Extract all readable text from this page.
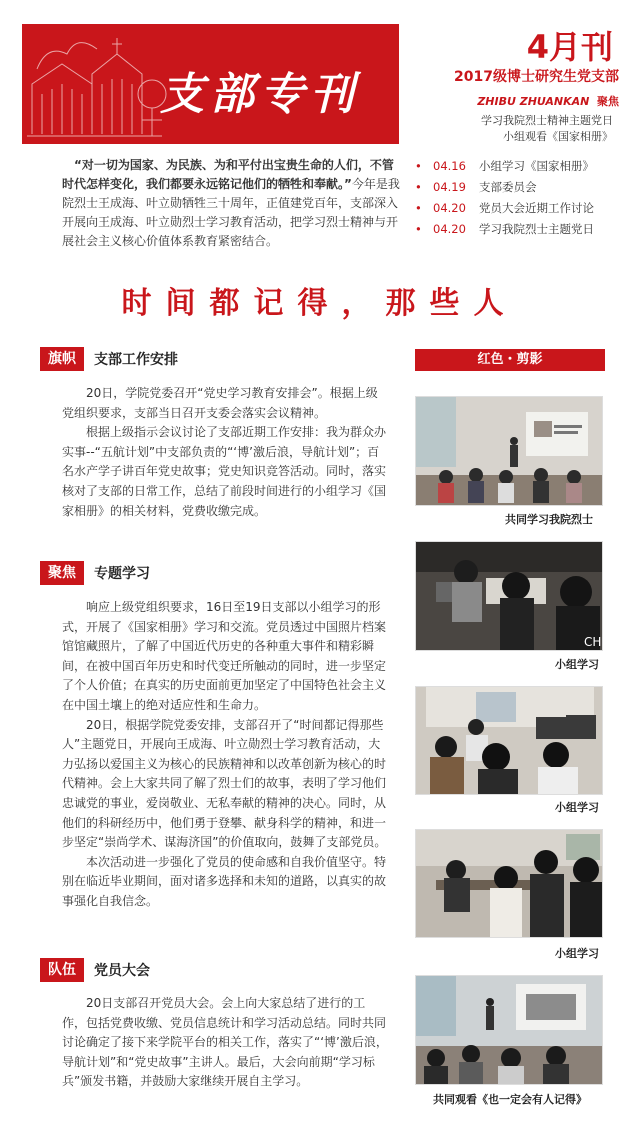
支部专刊
4月刊
2017级博士研究生党支部
ZHIBU ZHUANKAN 聚焦
学习我院烈士精神主题党日
小组观看《国家相册》
“对一切为国家、为民族、为和平付出宝贵生命的人们，不管时代怎样变化，我们都要永远铭记他们的牺牲和奉献。”今年是我院烈士王成海、叶立勋牺牲三十周年，正值建党百年，支部深入开展向王成海、叶立勋烈士学习教育活动，把学习烈士精神与开展社会主义核心价值体系教育紧密结合。
• 04.16	小组学习《国家相册》
• 04.19	支部委员会
• 04.20	党员大会近期工作讨论
• 04.20	学习我院烈士主题党日
时间都记得，那些人
旗帜	支部工作安排

20日，学院党委召开“党史学习教育安排会”。根据上级党组织要求，支部当日召开支委会落实会议精神。

根据上级指示会议讨论了支部近期工作安排：我为群众办实事--“五航计划”中支部负责的“‘博’激后浪，导航计划”；百名水产学子讲百年党史故事；党史知识竞答活动。同时，落实核对了支部的日常工作，总结了前段时间进行的小组学习《国家相册》的相关材料，党费收缴完成。

聚焦	专题学习

响应上级党组织要求，16日至19日支部以小组学习的形式，开展了《国家相册》学习和交流。党员透过中国照片档案馆馆藏照片，了解了中国近代历史的各种重大事件和精彩瞬间，在被中国百年历史和时代变迁所触动的同时，进一步坚定了个人价值；在真实的历史面前更加坚定了中国特色社会主义在中国土壤上的绝对适应性和生命力。

20日，根据学院党委安排，支部召开了“时间都记得那些人”主题党日，开展向王成海、叶立勋烈士学习教育活动，大力弘扬以爱国主义为核心的民族精神和以改革创新为核心的时代精神。会上大家共同了解了烈士们的故事，表明了学习他们忠诚党的事业，爱岗敬业、无私奉献的精神的决心。同时，从他们的科研经历中，他们勇于登攀、献身科学的精神，和进一步坚定“崇尚学术、谋海济国”的价值取向，鼓舞了支部党员。

本次活动进一步强化了党员的使命感和自我价值坚守。特别在临近毕业期间，面对诸多选择和未知的道路，以真实的故事强化自我信念。

队伍	党员大会

20日支部召开党员大会。会上向大家总结了进行的工作，包括党费收缴、党员信息统计和学习活动总结。同时共同讨论确定了接下来学院平台的相关工作，落实了“‘博’激后浪，导航计划”和“党史故事”主讲人。最后，大会向前期“学习标兵”颁发书籍，并鼓励大家继续开展自主学习。

红色・剪影
共同学习我院烈士
CH
小组学习
小组学习
小组学习
共同观看《也一定会有人记得》
